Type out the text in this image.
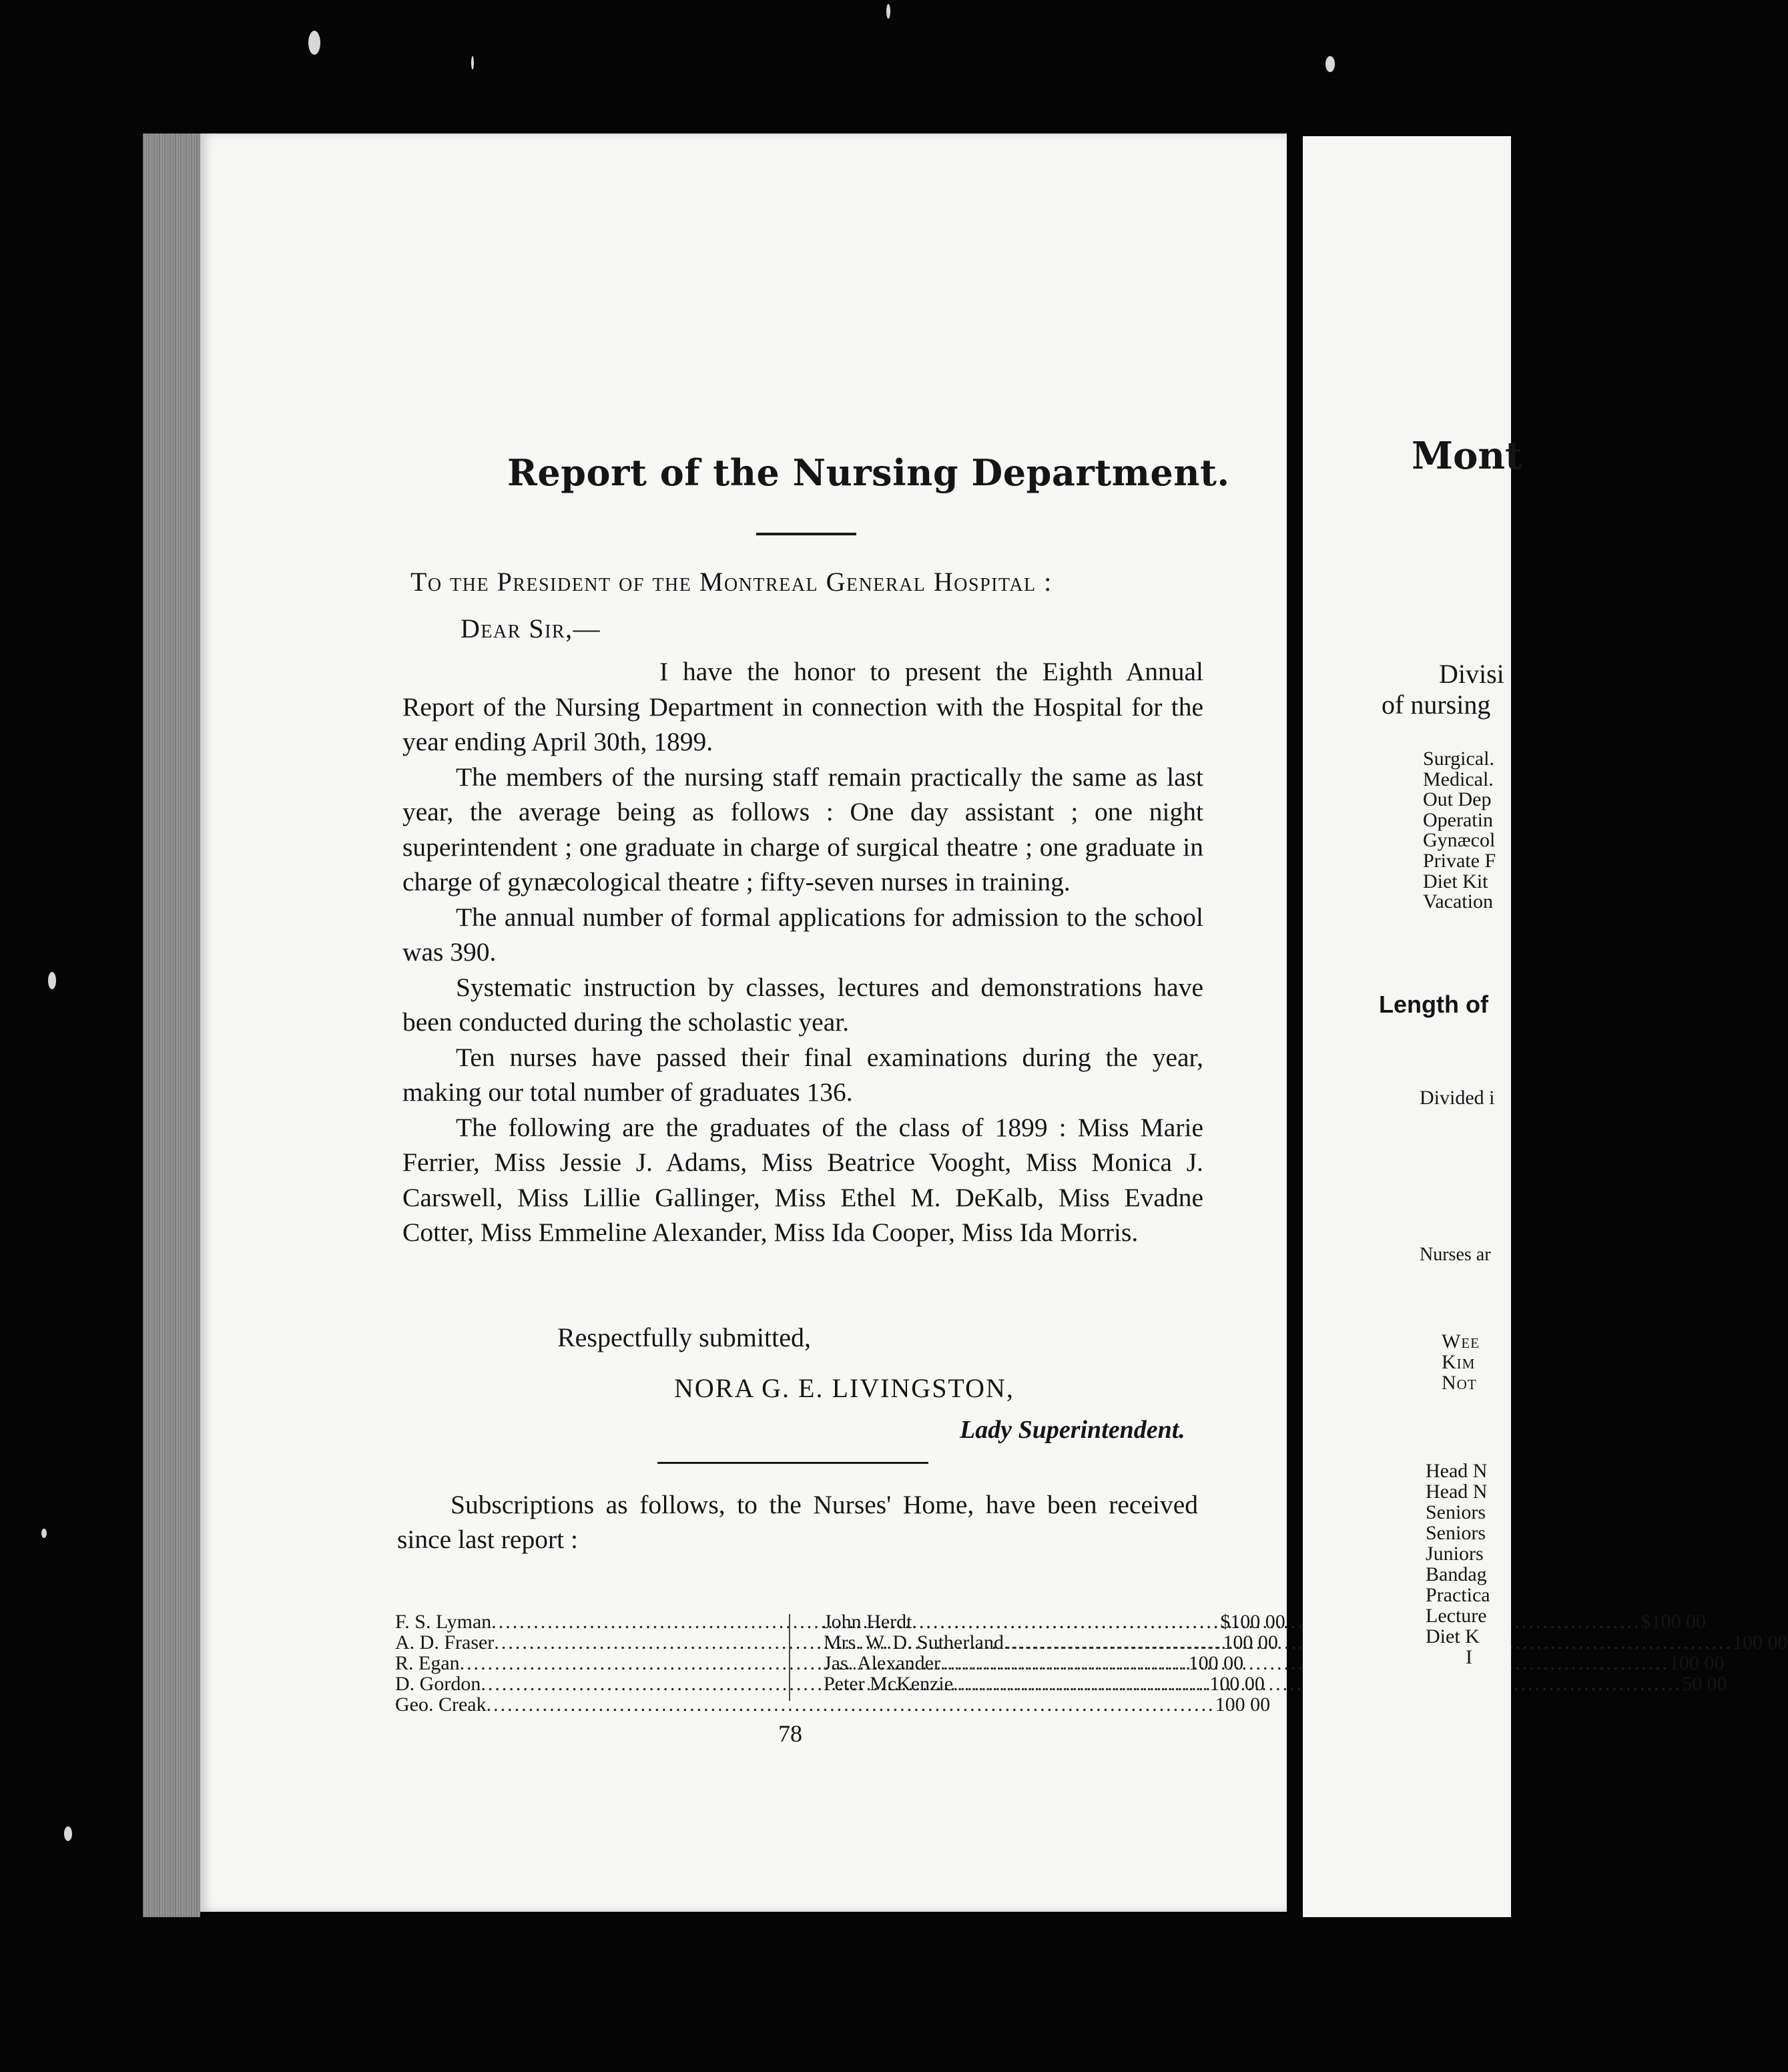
Report of the Nursing Department.
To the President of the Montreal General Hospital :
Dear Sir,—

I have the honor to present the Eighth Annual Report of the Nursing Department in connection with the Hospital for the year ending April 30th, 1899.

The members of the nursing staff remain practically the same as last year, the average being as follows : One day assistant ; one night superintendent ; one graduate in charge of surgical theatre ; one graduate in charge of gynæcological theatre ; fifty-seven nurses in training.

The annual number of formal applications for admission to the school was 390.

Systematic instruction by classes, lectures and demonstrations have been conducted during the scholastic year.

Ten nurses have passed their final examinations during the year, making our total number of graduates 136.

The following are the graduates of the class of 1899 : Miss Marie Ferrier, Miss Jessie J. Adams, Miss Beatrice Vooght, Miss Monica J. Carswell, Miss Lillie Gallinger, Miss Ethel M. DeKalb, Miss Evadne Cotter, Miss Emmeline Alexander, Miss Ida Cooper, Miss Ida Morris.

Respectfully submitted,
NORA G. E. LIVINGSTON,
Lady Superintendent.

Subscriptions as follows, to the Nurses' Home, have been received since last report :

F. S. Lyman .....	$100 00
A. D. Fraser .....	100 00
R. Egan .....	100 00
D. Gordon .....	100 00
Geo. Creak .....	100 00
John Herdt .....	$100 00
Mrs. W. D. Sutherland .....	100 00
Jas. Alexander .....	100 00
Peter McKenzie .....	50 00
78
Mont
Divisi
of nursing
Surgical.
Medical.
Out Dep
Operatin
Gynæcol
Private F
Diet Kit
Vacation
Length of
Divided i
Nurses ar
Wee
Kim
Not
Head N
Head N
Seniors
Seniors
Juniors
Bandag
Practica
Lecture
Diet K
I
